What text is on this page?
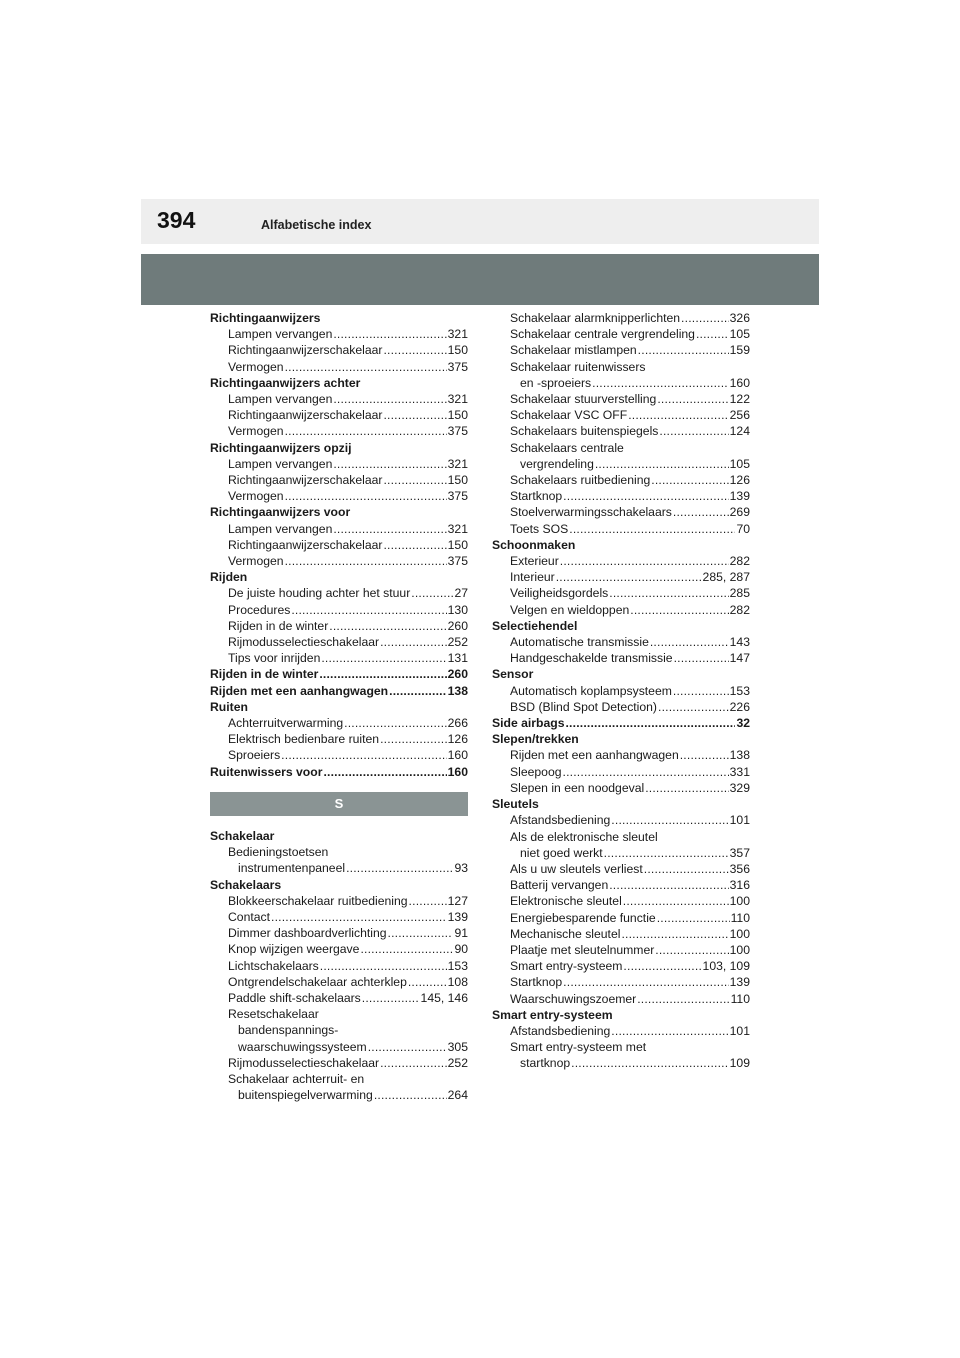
394	Alfabetische index
Richtingaanwijzers
Lampen vervangen . . .	321
Richtingaanwijzerschakelaar . . .	150
Vermogen . . .	375
Richtingaanwijzers achter
Lampen vervangen . . .	321
Richtingaanwijzerschakelaar . . .	150
Vermogen . . .	375
Richtingaanwijzers opzij
Lampen vervangen . . .	321
Richtingaanwijzerschakelaar . . .	150
Vermogen . . .	375
Richtingaanwijzers voor
Lampen vervangen . . .	321
Richtingaanwijzerschakelaar . . .	150
Vermogen . . .	375
Rijden
De juiste houding achter het stuur . . .	27
Procedures . . .	130
Rijden in de winter . . .	260
Rijmodusselectieschakelaar . . .	252
Tips voor inrijden . . .	131
Rijden in de winter . . .	260
Rijden met een aanhangwagen . . .	138
Ruiten
Achterruitverwarming . . .	266
Elektrisch bedienbare ruiten . . .	126
Sproeiers . . .	160
Ruitenwissers voor . . .	160
S
Schakelaar
Bedieningstoetsen
instrumentenpaneel . . .	93
Schakelaars
Blokkeerschakelaar ruitbediening . . .	127
Contact . . .	139
Dimmer dashboardverlichting . . .	91
Knop wijzigen weergave . . .	90
Lichtschakelaars . . .	153
Ontgrendelschakelaar achterklep . . .	108
Paddle shift-schakelaars . . .	145, 146
Resetschakelaar
bandenspannings-
waarschuwingssysteem . . .	305
Rijmodusselectieschakelaar . . .	252
Schakelaar achterruit- en
buitenspiegelverwarming . . .	264
Schakelaar alarmknipperlichten . . .	326
Schakelaar centrale vergrendeling . . .	105
Schakelaar mistlampen . . .	159
Schakelaar ruitenwissers
en -sproeiers . . .	160
Schakelaar stuurverstelling . . .	122
Schakelaar VSC OFF . . .	256
Schakelaars buitenspiegels . . .	124
Schakelaars centrale
vergrendeling . . .	105
Schakelaars ruitbediening . . .	126
Startknop . . .	139
Stoelverwarmingsschakelaars . . .	269
Toets SOS . . .	70
Schoonmaken
Exterieur . . .	282
Interieur . . .	285, 287
Veiligheidsgordels . . .	285
Velgen en wieldoppen . . .	282
Selectiehendel
Automatische transmissie . . .	143
Handgeschakelde transmissie . . .	147
Sensor
Automatisch koplampsysteem . . .	153
BSD (Blind Spot Detection) . . .	226
Side airbags . . .	32
Slepen/trekken
Rijden met een aanhangwagen . . .	138
Sleepoog . . .	331
Slepen in een noodgeval . . .	329
Sleutels
Afstandsbediening . . .	101
Als de elektronische sleutel
niet goed werkt . . .	357
Als u uw sleutels verliest . . .	356
Batterij vervangen . . .	316
Elektronische sleutel . . .	100
Energiebesparende functie . . .	110
Mechanische sleutel . . .	100
Plaatje met sleutelnummer . . .	100
Smart entry-systeem . . .	103, 109
Startknop . . .	139
Waarschuwingszoemer . . .	110
Smart entry-systeem
Afstandsbediening . . .	101
Smart entry-systeem met
startknop . . .	109
